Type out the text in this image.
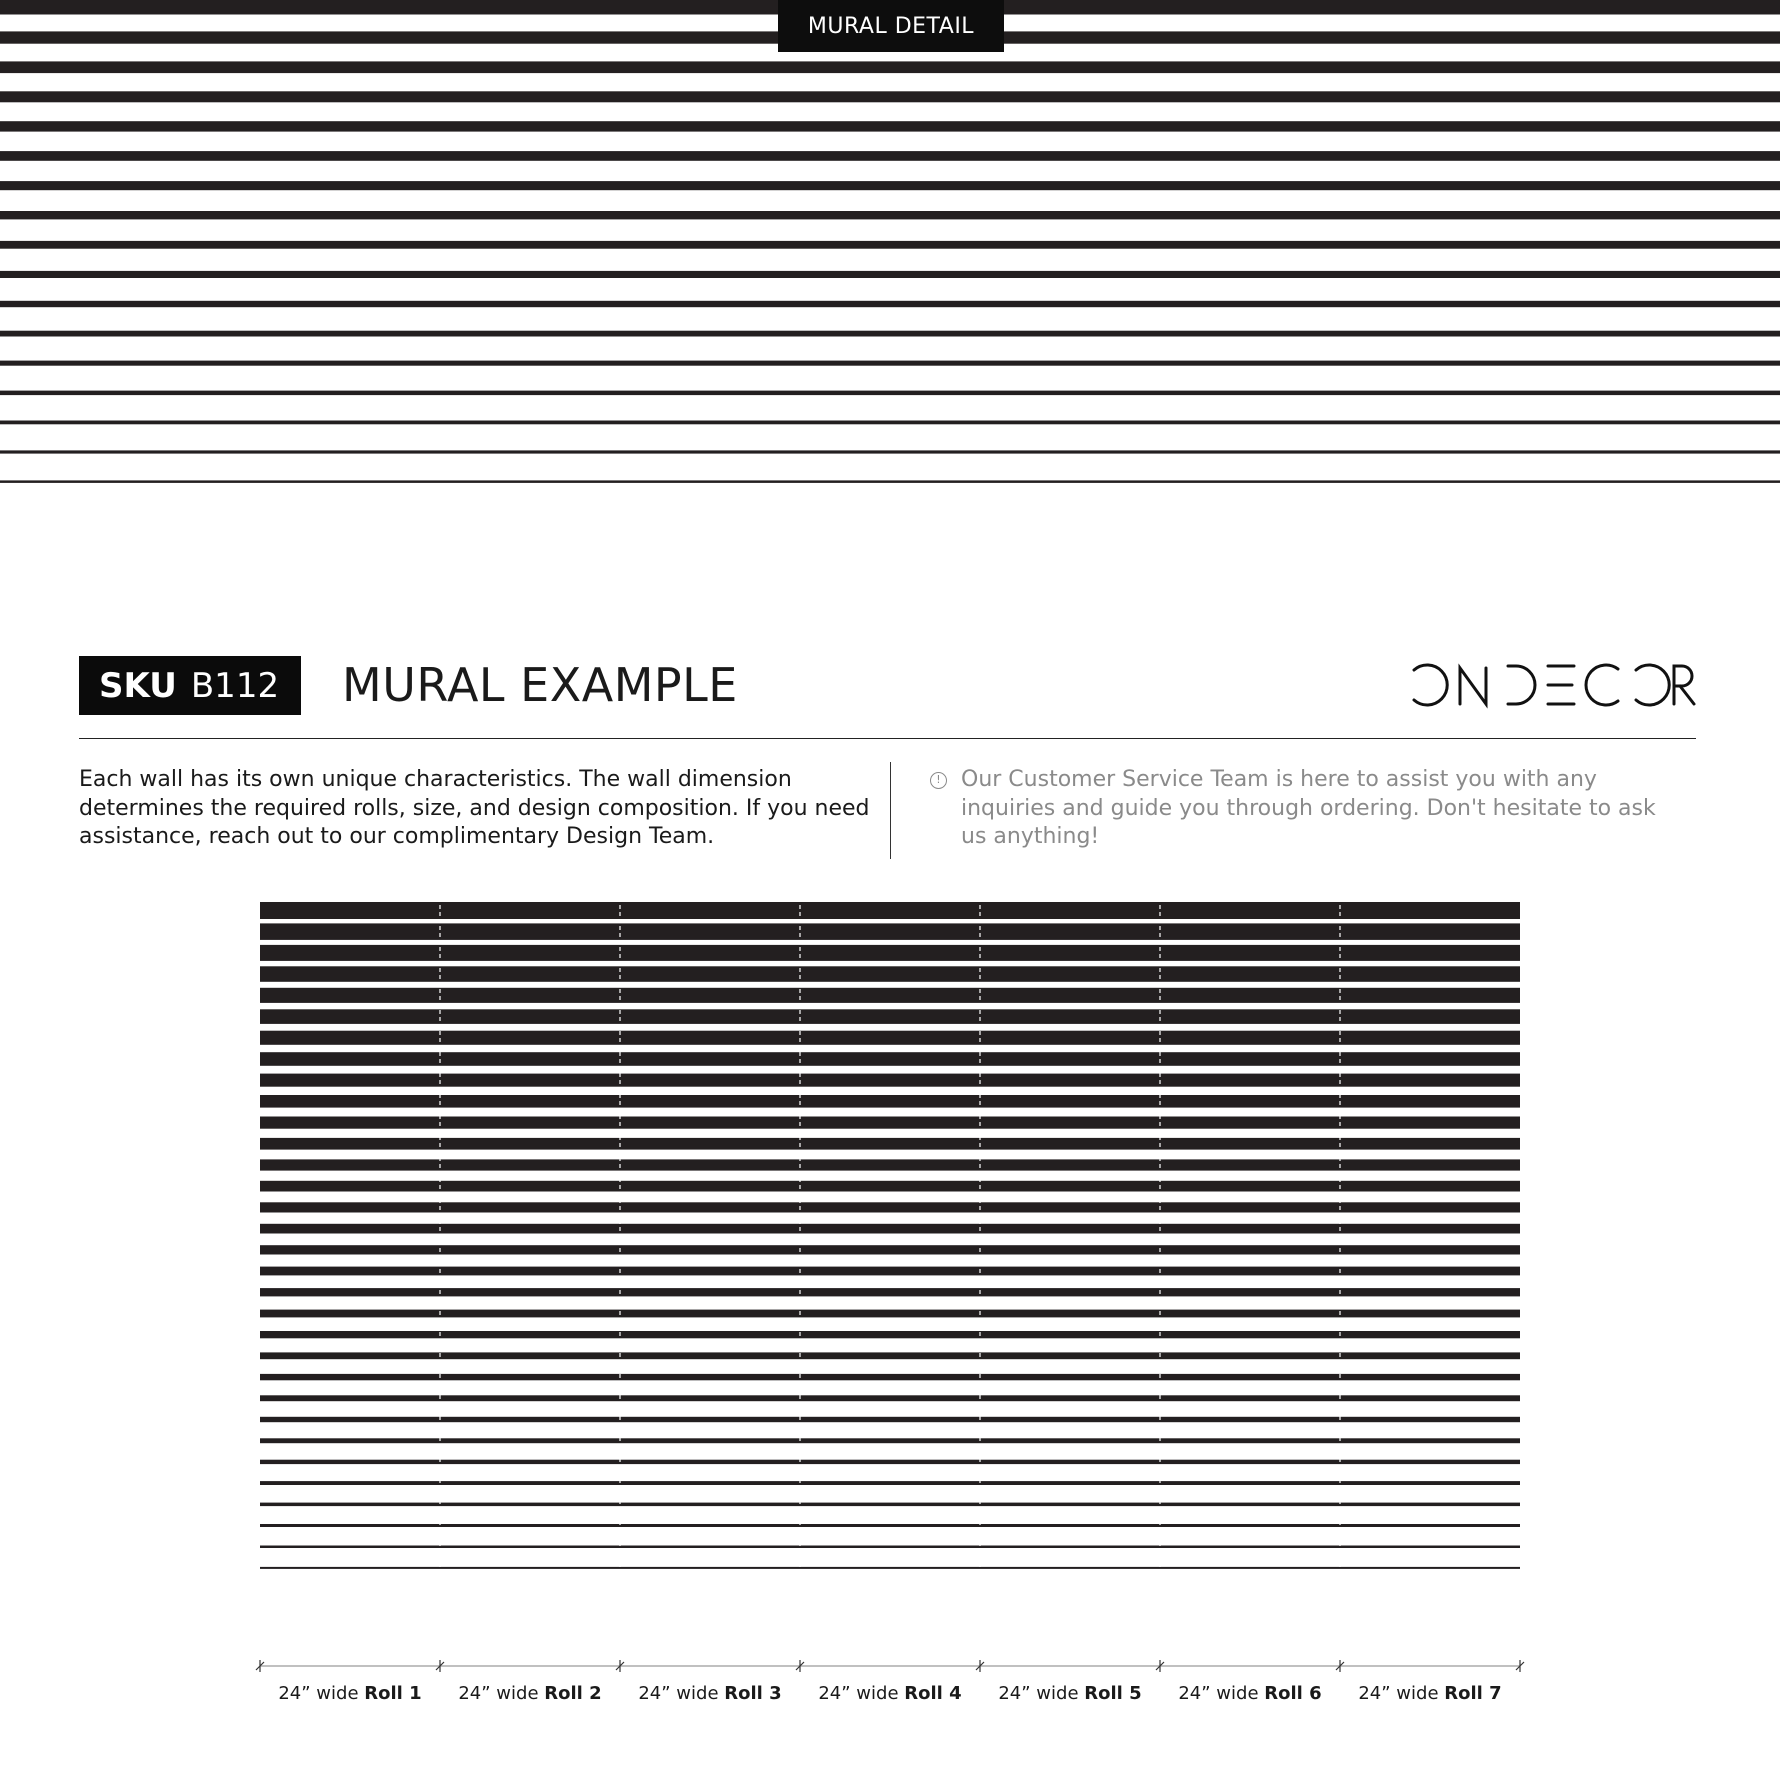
MURAL DETAIL
SKU B112 MURAL EXAMPLE
Each wall has its own unique characteristics. The wall dimension determines the required rolls, size, and design composition. If you need assistance, reach out to our complimentary Design Team.
! Our Customer Service Team is here to assist you with any inquiries and guide you through ordering. Don't hesitate to ask us anything!
24” wide Roll 1	24” wide Roll 2	24” wide Roll 3	24” wide Roll 4	24” wide Roll 5	24” wide Roll 6	24” wide Roll 7
